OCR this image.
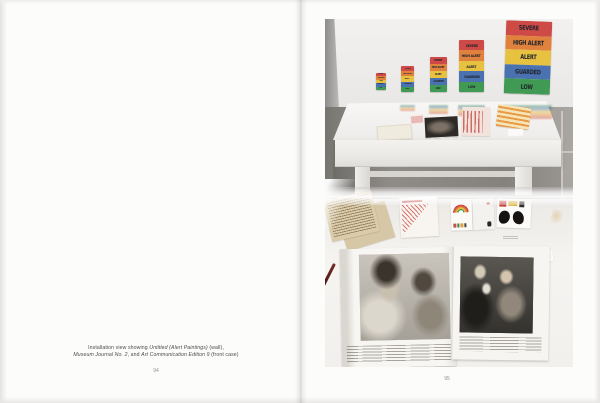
Installation view showing Untitled (Alert Paintings) (wall),
Museum Journal No. 2, and Art Communication Edition 9 (front case)
94
95
SEVERE
HIGH ALERT
ALERT
GUARDED
LOW
SEVERE
HIGH ALERT
ALERT
GUARDED
LOW
SEVERE
HIGH ALERT
ALERT
GUARDED
LOW
SEVERE
HIGH ALERT
ALERT
GUARDED
LOW
SEVERE
HIGH ALERT
ALERT
GUARDED
LOW
